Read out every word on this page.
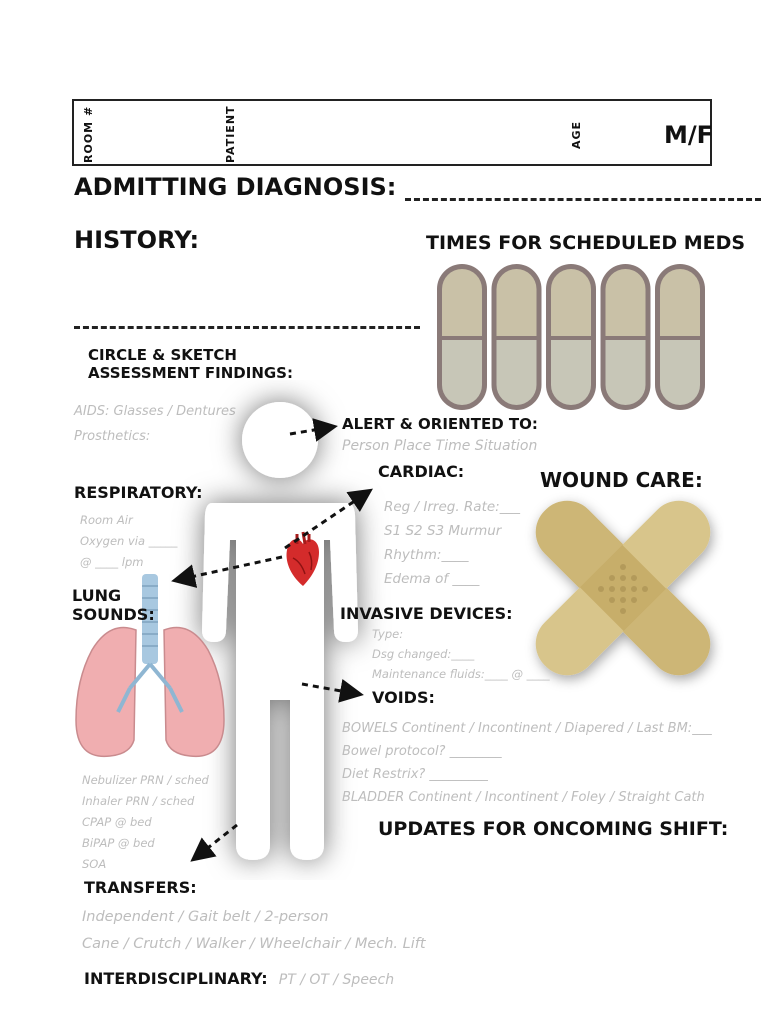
ROOM #	PATIENT	AGE	M/F
ADMITTING DIAGNOSIS:
HISTORY:	TIMES FOR SCHEDULED MEDS
CIRCLE & SKETCH
ASSESSMENT FINDINGS:
AIDS: Glasses / Dentures
Prosthetics:
ALERT & ORIENTED TO:
Person Place Time Situation
CARDIAC:
Reg / Irreg. Rate:___
S1 S2 S3 Murmur
Rhythm:____
Edema of ____
WOUND CARE:
RESPIRATORY:
Room Air
Oxygen via _____
@ ____ lpm
LUNG
SOUNDS:
Nebulizer PRN / sched
Inhaler PRN / sched
CPAP @ bed
BiPAP @ bed
SOA
INVASIVE DEVICES:
Type:
Dsg changed:____
Maintenance fluids:____ @ ____
VOIDS:
BOWELS Continent / Incontinent / Diapered / Last BM:___
Bowel protocol? ________
Diet Restrix? _________
BLADDER Continent / Incontinent / Foley / Straight Cath
UPDATES FOR ONCOMING SHIFT:
TRANSFERS:
Independent / Gait belt / 2-person
Cane / Crutch / Walker / Wheelchair / Mech. Lift
INTERDISCIPLINARY: PT / OT / Speech
